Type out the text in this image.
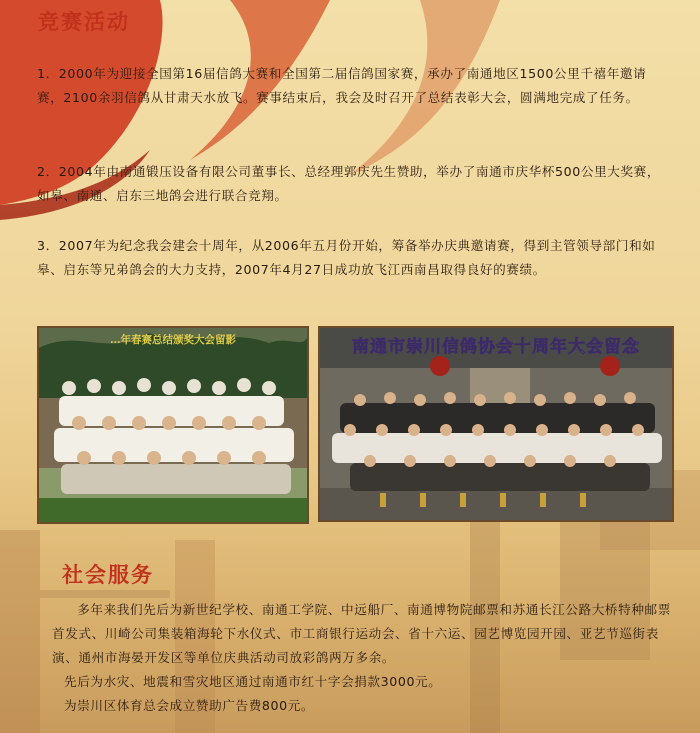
竞赛活动
1．2000年为迎接全国第16届信鸽大赛和全国第二届信鸽国家赛，承办了南通地区1500公里千禧年邀请赛，2100余羽信鸽从甘肃天水放飞。赛事结束后，我会及时召开了总结表彰大会，圆满地完成了任务。
2．2004年由南通锻压设备有限公司董事长、总经理郭庆先生赞助，举办了南通市庆华杯500公里大奖赛，如皋、南通、启东三地鸽会进行联合竞翔。
3．2007年为纪念我会建会十周年，从2006年五月份开始，筹备举办庆典邀请赛，得到主管领导部门和如皋、启东等兄弟鸽会的大力支持，2007年4月27日成功放飞江西南昌取得良好的赛绩。
…年春赛总结颁奖大会留影	南通市崇川信鸽协会十周年大会留念
社会服务
多年来我们先后为新世纪学校、南通工学院、中远船厂、南通博物院邮票和苏通长江公路大桥特种邮票首发式、川崎公司集装箱海轮下水仪式、市工商银行运动会、省十六运、园艺博览园开园、亚艺节巡街表演、通州市海晏开发区等单位庆典活动司放彩鸽两万多余。
先后为水灾、地震和雪灾地区通过南通市红十字会捐款3000元。
为崇川区体育总会成立赞助广告费800元。
